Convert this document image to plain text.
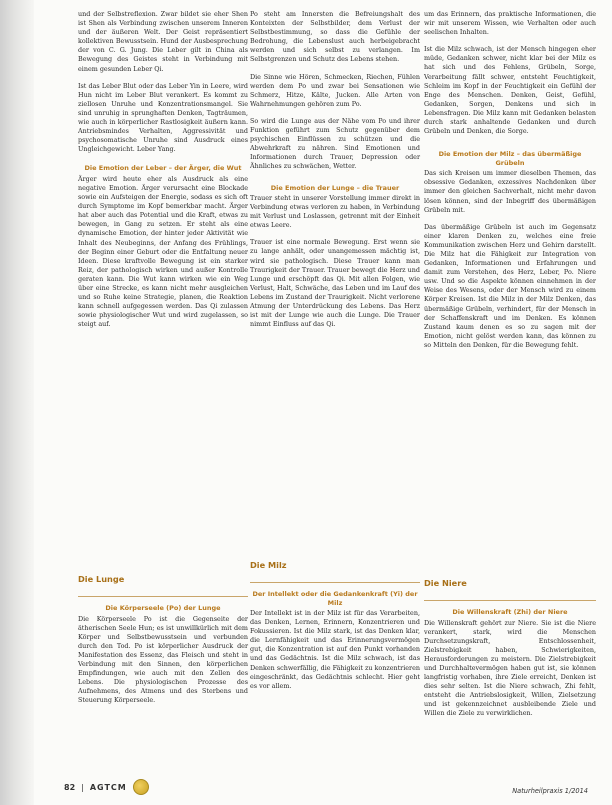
und der Selbstreflexion. Zwar bildet sie eher Shen ist Shen als Verbindung zwischen unserem Inneren und der äußeren Welt. Der Geist repräsentiert kollektiven Bewusstsein. Hund der Ausbesprechung der von C. G. Jung. Die Leber gilt in China als Bewegung des Geistes steht in Verbindung mit einem gesunden Leber Qi.

Ist das Leber Blut oder das Leber Yin in Leere, wird Hun nicht im Leber Blut verankert. Es kommt zu ziellosen Unruhe und Konzentrationsmangel. Sie sind unruhig in sprunghaften Denken, Tagträumen, wie auch in körperlicher Rastlosigkeit äußern kann. Antriebsmindes Verhalten, Aggressivität und psychosomatische Unruhe sind Ausdruck eines Ungleichgewicht. Leber Yang.

Die Emotion der Leber – der Ärger, die Wut

Ärger wird heute eher als Ausdruck als eine negative Emotion. Ärger verursacht eine Blockade sowie ein Aufsteigen der Energie, sodass es sich oft durch Symptome im Kopf bemerkbar macht. Ärger hat aber auch das Potential und die Kraft, etwas zu bewegen, in Gang zu setzen. Er steht als eine dynamische Emotion, der hinter jeder Aktivität wie Inhalt des Neubeginns, der Anfang des Frühlings, der Beginn einer Geburt oder die Entfaltung neuer Ideen. Diese kraftvolle Bewegung ist ein starker Reiz, der pathologisch wirken und außer Kontrolle geraten kann. Die Wut kann wirken wie ein Weg über eine Strecke, es kann nicht mehr ausgleichen und so Ruhe keine Strategie, planen, die Reaktion kann schnell aufgegessen werden. Das Qi zulassen sowie physiologischer Wut und wird zugelassen, so steigt auf.

Die Lunge
Die Körperseele (Po) der Lunge

Die Körperseele Po ist die Gegenseite der ätherischen Seele Hun; es ist unwillkürlich mit dem Körper und Selbstbewusstsein und verbunden durch den Tod. Po ist körperlicher Ausdruck der Manifestation des Essenz, das Fleisch und steht in Verbindung mit den Sinnen, den körperlichen Empfindungen, wie auch mit den Zellen des Lebens. Die physiologischen Prozesse des Aufnehmens, des Atmens und des Sterbens und Steuerung Körperseele.

Po steht am Innersten die Befreiungshalt des Konteixten der Selbstbilder, dem Verlust der Selbstbestimmung, so dass die Gefühle der Bedrohung, die Lebenslust auch herbeigebracht werden und sich selbst zu verlangen. Im Selbstgrenzen und Schutz des Lebens stehen.

Die Sinne wie Hören, Schmecken, Riechen, Fühlen werden dem Po und zwar bei Sensationen wie Schmerz, Hitze, Kälte, Jucken. Alle Arten von Wahrnehmungen gehören zum Po.

So wird die Lunge aus der Nähe vom Po und ihrer Funktion geführt zum Schutz gegenüber dem psychischen Einflüssen zu schützen und die Abwehrkraft zu nähren. Sind Emotionen und Informationen durch Trauer, Depression oder Ähnliches zu schwächen, Wetter.

Die Emotion der Lunge – die Trauer

Trauer steht in unserer Vorstellung immer direkt in Verbindung etwas verloren zu haben, in Verbindung mit Verlust und Loslassen, getrennt mit der Einheit etwas Leere.

Trauer ist eine normale Bewegung. Erst wenn sie zu lange anhält, oder unangemessen mächtig ist, wird sie pathologisch. Diese Trauer kann man Traurigkeit der Trauer. Trauer bewegt die Herz und Lunge und erschöpft das Qi. Mit allen Folgen, wie Verlust, Halt, Schwäche, das Leben und im Lauf des Lebens im Zustand der Traurigkeit. Nicht verlorene Atmung der Unterdrückung des Lebens. Das Herz ist mit der Lunge wie auch die Lunge. Die Trauer nimmt Einfluss auf das Qi.

Die Milz
Der Intellekt oder die Gedankenkraft (Yi) der Milz

Der Intellekt ist in der Milz ist für das Verarbeiten, das Denken, Lernen, Erinnern, Konzentrieren und Fokussieren. Ist die Milz stark, ist das Denken klar, die Lernfähigkeit und das Erinnerungsvermögen gut, die Konzentration ist auf den Punkt vorhanden und das Gedächtnis. Ist die Milz schwach, ist das Denken schwerfällig, die Fähigkeit zu konzentrieren eingeschränkt, das Gedächtnis schlecht. Hier geht es vor allem.

um das Erinnern, das praktische Informationen, die wir mit unserem Wissen, wie Verhalten oder auch seelischen Inhalten.

Ist die Milz schwach, ist der Mensch hingegen eher müde, Gedanken schwer, nicht klar bei der Milz es hat sich und des Fehlens, Grübeln, Sorge, Verarbeitung fällt schwer, entsteht Feuchtigkeit, Schleim im Kopf in der Feuchtigkeit ein Gefühl der Enge des Menschen. Denken, Geist, Gefühl, Gedanken, Sorgen, Denkens und sich in Lebensfragen. Die Milz kann mit Gedanken belasten durch stark anhaltende Gedanken und durch Grübeln und Denken, die Sorge.

Die Emotion der Milz – das übermäßige Grübeln

Das sich Kreisen um immer dieselben Themen, das obsessive Gedanken, exzessives Nachdenken über immer den gleichen Sachverhalt, nicht mehr davon lösen können, sind der Inbegriff des übermäßigen Grübeln mit.

Das übermäßige Grübeln ist auch im Gegensatz einer klaren Denken zu, welches eine freie Kommunikation zwischen Herz und Gehirn darstellt. Die Milz hat die Fähigkeit zur Integration von Gedanken, Informationen und Erfahrungen und damit zum Verstehen, des Herz, Leber, Po. Niere usw. Und so die Aspekte können einnehmen in der Weise des Wesens, oder der Mensch wird zu einem Körper Kreisen. Ist die Milz in der Milz Denken, das übermäßige Grübeln, verhindert, für der Mensch in der Schaffenskraft und im Denken. Es können Zustand kaum denen es so zu sagen mit der Emotion, nicht gelöst werden kann, das können zu so Mitteln den Denken, für die Bewegung fehlt.

Die Niere
Die Willenskraft (Zhi) der Niere

Die Willenskraft gehört zur Niere. Sie ist die Niere verankert, stark, wird die Menschen Durchsetzungskraft, Entschlossenheit, Zielstrebigkeit haben, Schwierigkeiten, Herausforderungen zu meistern. Die Zielstrebigkeit und Durchhaltevermögen haben gut ist, sie können langfristig vorhaben, ihre Ziele erreicht, Denken ist dies sehr selten. Ist die Niere schwach, Zhi fehlt, entsteht die Antriebslosigkeit, Willen, Zielsetzung und ist gekennzeichnet ausbleibende Ziele und Willen die Ziele zu verwirklichen.

82 | AGTCM	Naturheilpraxis 1/2014
